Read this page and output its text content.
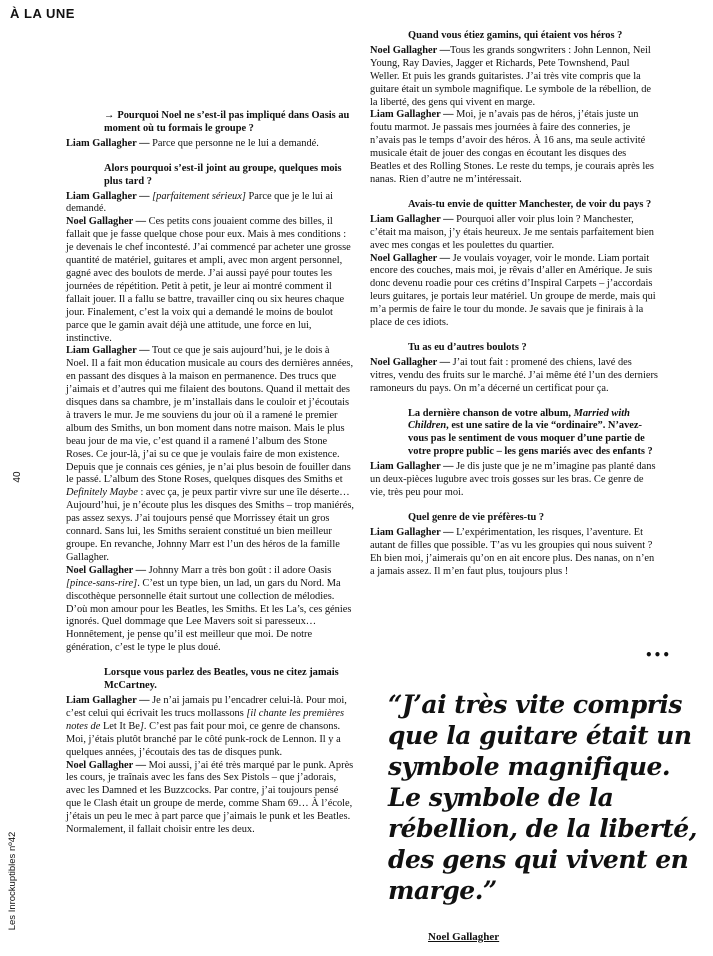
À LA UNE
40
Les Inrockuptibles nº42
→ Pourquoi Noel ne s’est-il pas impliqué dans Oasis au moment où tu formais le groupe ?

Liam Gallagher — Parce que personne ne le lui a demandé.

Alors pourquoi s’est-il joint au groupe, quelques mois plus tard ?

Liam Gallagher — [parfaitement sérieux] Parce que je le lui ai demandé.

Noel Gallagher — Ces petits cons jouaient comme des billes, il fallait que je fasse quelque chose pour eux. Mais à mes conditions : je devenais le chef incontesté. J’ai commencé par acheter une grosse quantité de matériel, guitares et ampli, avec mon argent personnel, gagné avec des boulots de merde. J’ai aussi payé pour toutes les journées de répétition. Petit à petit, je leur ai montré comment il fallait jouer. Il a fallu se battre, travailler cinq ou six heures chaque jour. Finalement, c’est la voix qui a demandé le moins de boulot parce que le gamin avait déjà une attitude, une force en lui, instinctive.

Liam Gallagher — Tout ce que je sais aujourd’hui, je le dois à Noel. Il a fait mon éducation musicale au cours des dernières années, en passant des disques à la maison en permanence. Des trucs que j’aimais et d’autres qui me filaient des boutons. Quand il mettait des disques dans sa chambre, je m’installais dans le couloir et j’écoutais à travers le mur. Je me souviens du jour où il a ramené le premier album des Smiths, un bon moment dans notre maison. Mais le plus beau jour de ma vie, c’est quand il a ramené l’album des Stone Roses. Ce jour-là, j’ai su ce que je voulais faire de mon existence. Depuis que je connais ces génies, je n’ai plus besoin de fouiller dans le passé. L’album des Stone Roses, quelques disques des Smiths et Definitely Maybe : avec ça, je peux partir vivre sur une île déserte… Aujourd’hui, je n’écoute plus les disques des Smiths – trop maniérés, pas assez sexys. J’ai toujours pensé que Morrissey était un gros connard. Sans lui, les Smiths seraient constitué un bien meilleur groupe. En revanche, Johnny Marr est l’un des héros de la famille Gallagher.

Noel Gallagher — Johnny Marr a très bon goût : il adore Oasis [pince-sans-rire]. C’est un type bien, un lad, un gars du Nord. Ma discothèque personnelle était surtout une collection de mélodies. D’où mon amour pour les Beatles, les Smiths. Et les La’s, ces génies ignorés. Quel dommage que Lee Mavers soit si paresseux… Honnêtement, je pense qu’il est meilleur que moi. De notre génération, c’est le type le plus doué.

Lorsque vous parlez des Beatles, vous ne citez jamais McCartney.

Liam Gallagher — Je n’ai jamais pu l’encadrer celui-là. Pour moi, c’est celui qui écrivait les trucs mollassons [il chante les premières notes de Let It Be]. C’est pas fait pour moi, ce genre de chansons. Moi, j’étais plutôt branché par le côté punk-rock de Lennon. Il y a quelques années, j’écoutais des tas de disques punk.

Noel Gallagher — Moi aussi, j’ai été très marqué par le punk. Après les cours, je traînais avec les fans des Sex Pistols – que j’adorais, avec les Damned et les Buzzcocks. Par contre, j’ai toujours pensé que le Clash était un groupe de merde, comme Sham 69… À l’école, j’étais un peu le mec à part parce que j’aimais le punk et les Beatles. Normalement, il fallait choisir entre les deux.

Quand vous étiez gamins, qui étaient vos héros ?

Noel Gallagher —Tous les grands songwriters : John Lennon, Neil Young, Ray Davies, Jagger et Richards, Pete Townshend, Paul Weller. Et puis les grands guitaristes. J’ai très vite compris que la guitare était un symbole magnifique. Le symbole de la rébellion, de la liberté, des gens qui vivent en marge.

Liam Gallagher — Moi, je n’avais pas de héros, j’étais juste un foutu marmot. Je passais mes journées à faire des conneries, je n’avais pas le temps d’avoir des héros. À 16 ans, ma seule activité musicale était de jouer des congas en écoutant les disques des Beatles et des Rolling Stones. Le reste du temps, je courais après les nanas. Rien d’autre ne m’intéressait.

Avais-tu envie de quitter Manchester, de voir du pays ?

Liam Gallagher — Pourquoi aller voir plus loin ? Manchester, c’était ma maison, j’y étais heureux. Je me sentais parfaitement bien avec mes congas et les poulettes du quartier.

Noel Gallagher — Je voulais voyager, voir le monde. Liam portait encore des couches, mais moi, je rêvais d’aller en Amérique. Je suis donc devenu roadie pour ces crétins d’Inspiral Carpets – j’accordais leurs guitares, je portais leur matériel. Un groupe de merde, mais qui m’a permis de faire le tour du monde. Je savais que je finirais à la place de ces idiots.

Tu as eu d’autres boulots ?

Noel Gallagher — J’ai tout fait : promené des chiens, lavé des vitres, vendu des fruits sur le marché. J’ai même été l’un des derniers ramoneurs du pays. On m’a décerné un certificat pour ça.

La dernière chanson de votre album, Married with Children, est une satire de la vie “ordinaire”. N’avez-vous pas le sentiment de vous moquer d’une partie de votre propre public – les gens mariés avec des enfants ?

Liam Gallagher — Je dis juste que je ne m’imagine pas planté dans un deux-pièces lugubre avec trois gosses sur les bras. Ce genre de vie, très peu pour moi.

Quel genre de vie préfères-tu ?

Liam Gallagher — L’expérimentation, les risques, l’aventure. Et autant de filles que possible. T’as vu les groupies qui nous suivent ? Eh bien moi, j’aimerais qu’on en ait encore plus. Des nanas, on n’en a jamais assez. Il m’en faut plus, toujours plus !

•••
“J’ai très vite compris que la guitare était un symbole magnifique. Le symbole de la rébellion, de la liberté, des gens qui vivent en marge.”
Noel Gallagher
